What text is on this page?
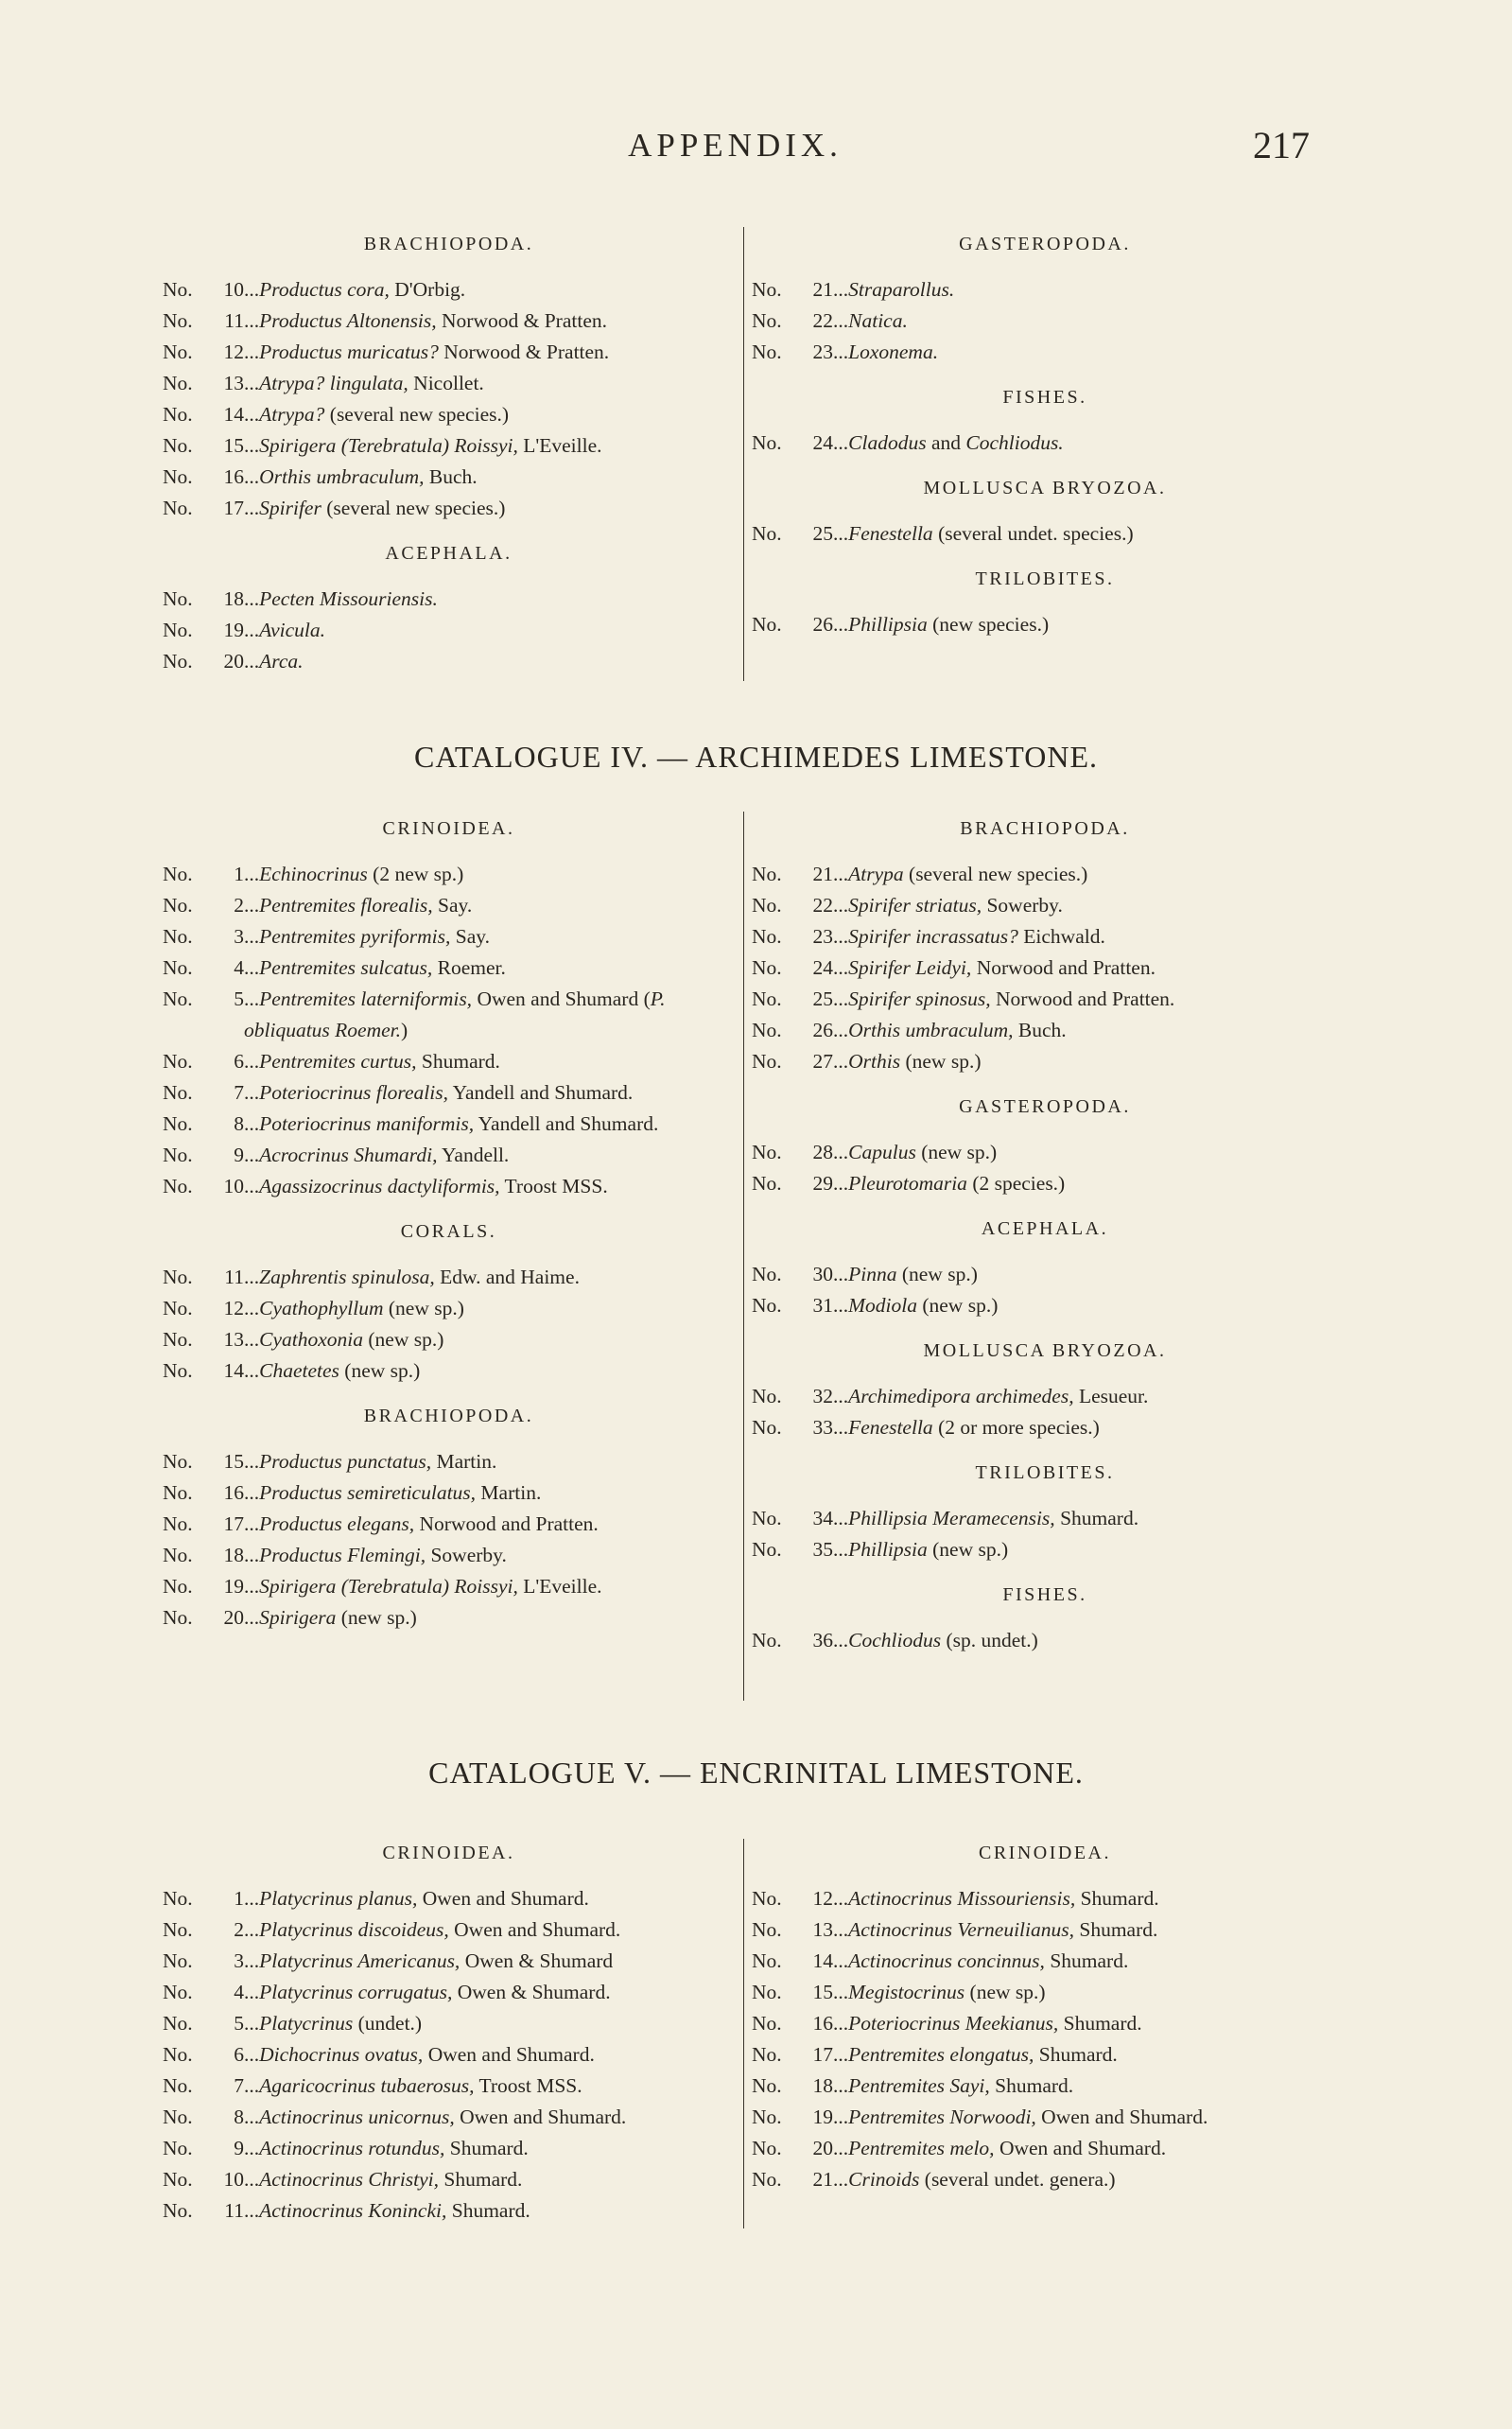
APPENDIX.	217
BRACHIOPODA.
No. 10...Productus cora, D'Orbig.
No. 11...Productus Altonensis, Norwood & Pratten.
No. 12...Productus muricatus? Norwood & Pratten.
No. 13...Atrypa? lingulata, Nicollet.
No. 14...Atrypa? (several new species.)
No. 15...Spirigera (Terebratula) Roissyi, L'Eveille.
No. 16...Orthis umbraculum, Buch.
No. 17...Spirifer (several new species.)
ACEPHALA.
No. 18...Pecten Missouriensis.
No. 19...Avicula.
No. 20...Arca.
GASTEROPODA.
No. 21...Straparollus.
No. 22...Natica.
No. 23...Loxonema.
FISHES.
No. 24...Cladodus and Cochliodus.
MOLLUSCA BRYOZOA.
No. 25...Fenestella (several undet. species.)
TRILOBITES.
No. 26...Phillipsia (new species.)
CATALOGUE IV. — ARCHIMEDES LIMESTONE.
CRINOIDEA.
No. 1...Echinocrinus (2 new sp.)
No. 2...Pentremites florealis, Say.
No. 3...Pentremites pyriformis, Say.
No. 4...Pentremites sulcatus, Roemer.
No. 5...Pentremites laterniformis, Owen and Shumard (P. obliquatus Roemer.)
No. 6...Pentremites curtus, Shumard.
No. 7...Poteriocrinus florealis, Yandell and Shumard.
No. 8...Poteriocrinus maniformis, Yandell and Shumard.
No. 9...Acrocrinus Shumardi, Yandell.
No. 10...Agassizocrinus dactyliformis, Troost MSS.
CORALS.
No. 11...Zaphrentis spinulosa, Edw. and Haime.
No. 12...Cyathophyllum (new sp.)
No. 13...Cyathoxonia (new sp.)
No. 14...Chaetetes (new sp.)
BRACHIOPODA.
No. 15...Productus punctatus, Martin.
No. 16...Productus semireticulatus, Martin.
No. 17...Productus elegans, Norwood and Pratten.
No. 18...Productus Flemingi, Sowerby.
No. 19...Spirigera (Terebratula) Roissyi, L'Eveille.
No. 20...Spirigera (new sp.)
BRACHIOPODA.
No. 21...Atrypa (several new species.)
No. 22...Spirifer striatus, Sowerby.
No. 23...Spirifer incrassatus? Eichwald.
No. 24...Spirifer Leidyi, Norwood and Pratten.
No. 25...Spirifer spinosus, Norwood and Pratten.
No. 26...Orthis umbraculum, Buch.
No. 27...Orthis (new sp.)
GASTEROPODA.
No. 28...Capulus (new sp.)
No. 29...Pleurotomaria (2 species.)
ACEPHALA.
No. 30...Pinna (new sp.)
No. 31...Modiola (new sp.)
MOLLUSCA BRYOZOA.
No. 32...Archimedipora archimedes, Lesueur.
No. 33...Fenestella (2 or more species.)
TRILOBITES.
No. 34...Phillipsia Meramecensis, Shumard.
No. 35...Phillipsia (new sp.)
FISHES.
No. 36...Cochliodus (sp. undet.)
CATALOGUE V. — ENCRINITAL LIMESTONE.
CRINOIDEA.
No. 1...Platycrinus planus, Owen and Shumard.
No. 2...Platycrinus discoideus, Owen and Shumard.
No. 3...Platycrinus Americanus, Owen & Shumard
No. 4...Platycrinus corrugatus, Owen & Shumard.
No. 5...Platycrinus (undet.)
No. 6...Dichocrinus ovatus, Owen and Shumard.
No. 7...Agaricocrinus tubaerosus, Troost MSS.
No. 8...Actinocrinus unicornus, Owen and Shumard.
No. 9...Actinocrinus rotundus, Shumard.
No. 10...Actinocrinus Christyi, Shumard.
No. 11...Actinocrinus Konincki, Shumard.
CRINOIDEA.
No. 12...Actinocrinus Missouriensis, Shumard.
No. 13...Actinocrinus Verneuilianus, Shumard.
No. 14...Actinocrinus concinnus, Shumard.
No. 15...Megistocrinus (new sp.)
No. 16...Poteriocrinus Meekianus, Shumard.
No. 17...Pentremites elongatus, Shumard.
No. 18...Pentremites Sayi, Shumard.
No. 19...Pentremites Norwoodi, Owen and Shumard.
No. 20...Pentremites melo, Owen and Shumard.
No. 21...Crinoids (several undet. genera.)
